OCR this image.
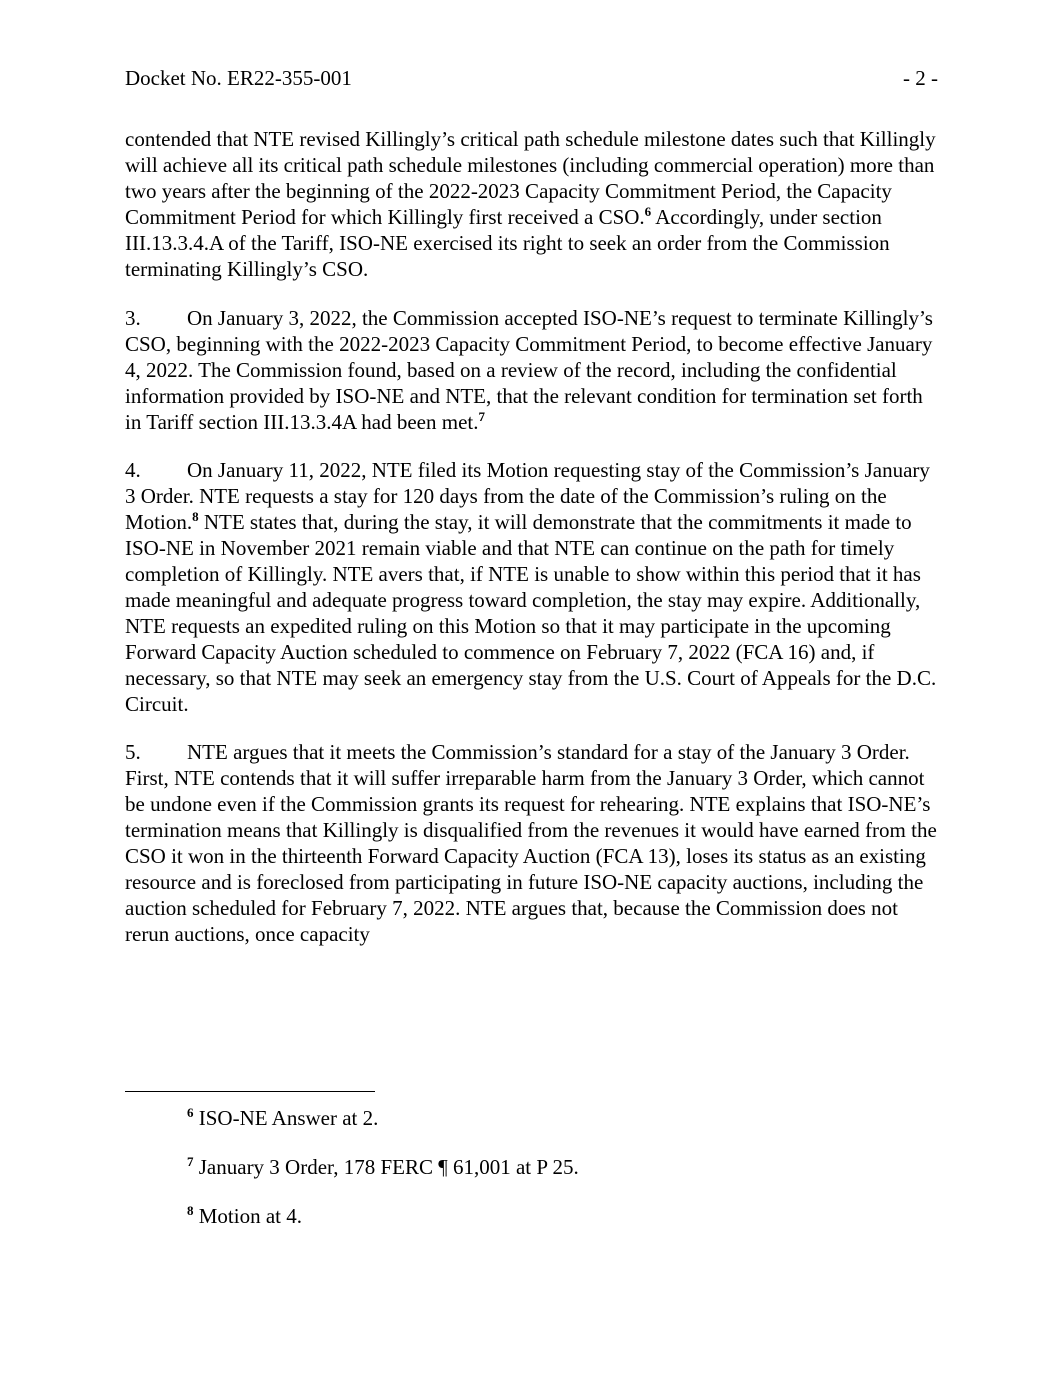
Docket No. ER22-355-001	- 2 -

contended that NTE revised Killingly’s critical path schedule milestone dates such that Killingly will achieve all its critical path schedule milestones (including commercial operation) more than two years after the beginning of the 2022-2023 Capacity Commitment Period, the Capacity Commitment Period for which Killingly first received a CSO.$^6$ Accordingly, under section III.13.3.4.A of the Tariff, ISO-NE exercised its right to seek an order from the Commission terminating Killingly’s CSO.

3. On January 3, 2022, the Commission accepted ISO-NE’s request to terminate Killingly’s CSO, beginning with the 2022-2023 Capacity Commitment Period, to become effective January 4, 2022. The Commission found, based on a review of the record, including the confidential information provided by ISO-NE and NTE, that the relevant condition for termination set forth in Tariff section III.13.3.4A had been met.$^7$
4. On January 11, 2022, NTE filed its Motion requesting stay of the Commission’s January 3 Order. NTE requests a stay for 120 days from the date of the Commission’s ruling on the Motion.$^8$ NTE states that, during the stay, it will demonstrate that the commitments it made to ISO-NE in November 2021 remain viable and that NTE can continue on the path for timely completion of Killingly. NTE avers that, if NTE is unable to show within this period that it has made meaningful and adequate progress toward completion, the stay may expire. Additionally, NTE requests an expedited ruling on this Motion so that it may participate in the upcoming Forward Capacity Auction scheduled to commence on February 7, 2022 (FCA 16) and, if necessary, so that NTE may seek an emergency stay from the U.S. Court of Appeals for the D.C. Circuit.
5. NTE argues that it meets the Commission’s standard for a stay of the January 3 Order. First, NTE contends that it will suffer irreparable harm from the January 3 Order, which cannot be undone even if the Commission grants its request for rehearing. NTE explains that ISO-NE’s termination means that Killingly is disqualified from the revenues it would have earned from the CSO it won in the thirteenth Forward Capacity Auction (FCA 13), loses its status as an existing resource and is foreclosed from participating in future ISO-NE capacity auctions, including the auction scheduled for February 7, 2022. NTE argues that, because the Commission does not rerun auctions, once capacity
$^6$ ISO-NE Answer at 2.
$^7$ January 3 Order, 178 FERC ¶ 61,001 at P 25.
$^8$ Motion at 4.
